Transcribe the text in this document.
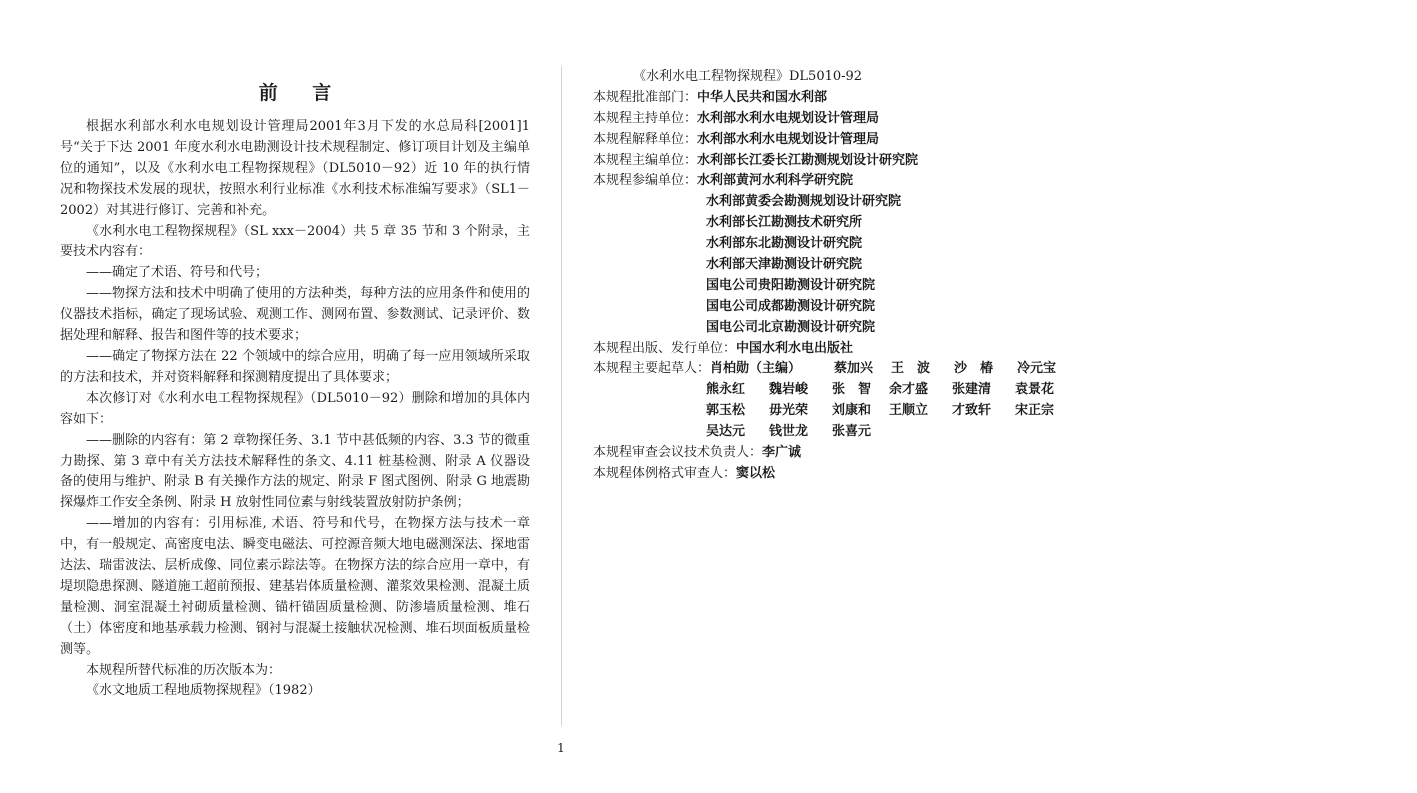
前 言

根据水利部水利水电规划设计管理局2001年3月下发的水总局科[2001]1号“关于下达 2001 年度水利水电勘测设计技术规程制定、修订项目计划及主编单位的通知”，以及《水利水电工程物探规程》（DL5010－92）近 10 年的执行情况和物探技术发展的现状，按照水利行业标准《水利技术标准编写要求》（SL1－2002）对其进行修订、完善和补充。

《水利水电工程物探规程》（SL xxx－2004）共 5 章 35 节和 3 个附录，主要技术内容有：

——确定了术语、符号和代号；

——物探方法和技术中明确了使用的方法种类，每种方法的应用条件和使用的仪器技术指标，确定了现场试验、观测工作、测网布置、参数测试、记录评价、数据处理和解释、报告和图件等的技术要求；

——确定了物探方法在 22 个领域中的综合应用，明确了每一应用领域所采取的方法和技术，并对资料解释和探测精度提出了具体要求；

本次修订对《水利水电工程物探规程》（DL5010－92）删除和增加的具体内容如下：

——删除的内容有：第 2 章物探任务、3.1 节中甚低频的内容、3.3 节的微重力勘探、第 3 章中有关方法技术解释性的条文、4.11 桩基检测、附录 A 仪器设备的使用与维护、附录 B 有关操作方法的规定、附录 F 图式图例、附录 G 地震勘探爆炸工作安全条例、附录 H 放射性同位素与射线装置放射防护条例；

——增加的内容有：引用标准, 术语、符号和代号，在物探方法与技术一章中，有一般规定、高密度电法、瞬变电磁法、可控源音频大地电磁测深法、探地雷达法、瑞雷波法、层析成像、同位素示踪法等。在物探方法的综合应用一章中，有堤坝隐患探测、隧道施工超前预报、建基岩体质量检测、灌浆效果检测、混凝土质量检测、洞室混凝土衬砌质量检测、锚杆锚固质量检测、防渗墙质量检测、堆石（土）体密度和地基承载力检测、钢衬与混凝土接触状况检测、堆石坝面板质量检测等。

本规程所替代标准的历次版本为：

《水文地质工程地质物探规程》（1982）

《水利水电工程物探规程》DL5010-92
本规程批准部门： 中华人民共和国水利部
本规程主持单位： 水利部水利水电规划设计管理局
本规程解释单位： 水利部水利水电规划设计管理局
本规程主编单位： 水利部长江委长江勘测规划设计研究院
本规程参编单位： 水利部黄河水利科学研究院
水利部黄委会勘测规划设计研究院
水利部长江勘测技术研究所
水利部东北勘测设计研究院
水利部天津勘测设计研究院
国电公司贵阳勘测设计研究院
国电公司成都勘测设计研究院
国电公司北京勘测设计研究院
本规程出版、发行单位： 中国水利水电出版社
本规程主要起草人： 肖柏勋（主编）	蔡加兴	王　波	沙　椿	冷元宝
熊永红	魏岩峻	张　智	余才盛	张建清	袁景花
郭玉松	毋光荣	刘康和	王顺立	才致轩	宋正宗
吴达元	钱世龙	张喜元
本规程审查会议技术负责人： 李广诚
本规程体例格式审查人： 窦以松
1
